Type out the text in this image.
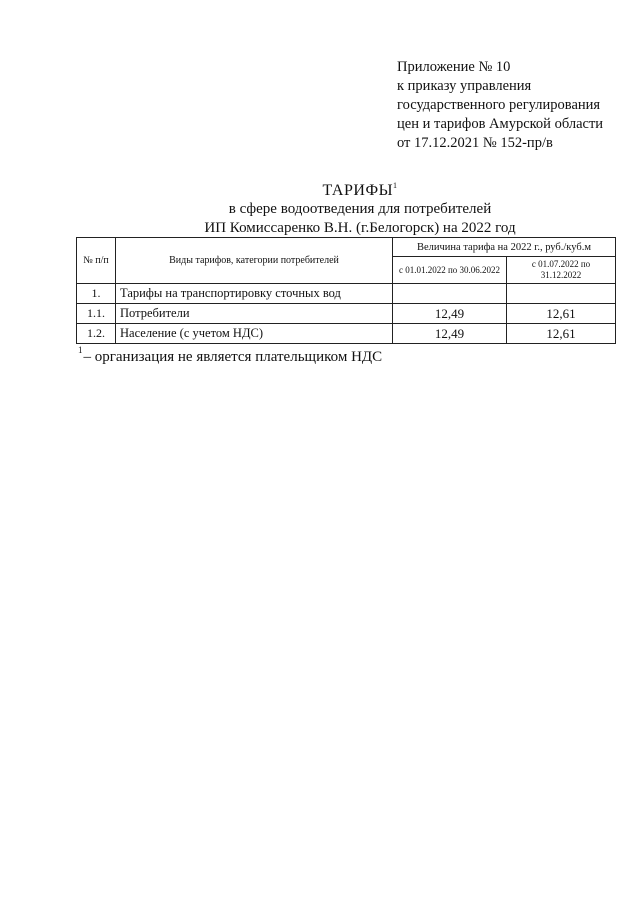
Приложение № 10
к приказу управления
государственного регулирования
цен и тарифов Амурской области
от 17.12.2021 № 152-пр/в
ТАРИФЫ$^1$
в сфере водоотведения для потребителей
ИП Комиссаренко В.Н. (г.Белогорск) на 2022 год
№ п/п	Виды тарифов, категории потребителей	Величина тарифа на 2022 г., руб./куб.м	
		с 01.01.2022 по 30.06.2022	с 01.07.2022 по 31.12.2022
1.	Тарифы на транспортировку сточных вод		
1.1.	Потребители	12,49	12,61
1.2.	Население (с учетом НДС)	12,49	12,61
$^1$– организация не является плательщиком НДС
